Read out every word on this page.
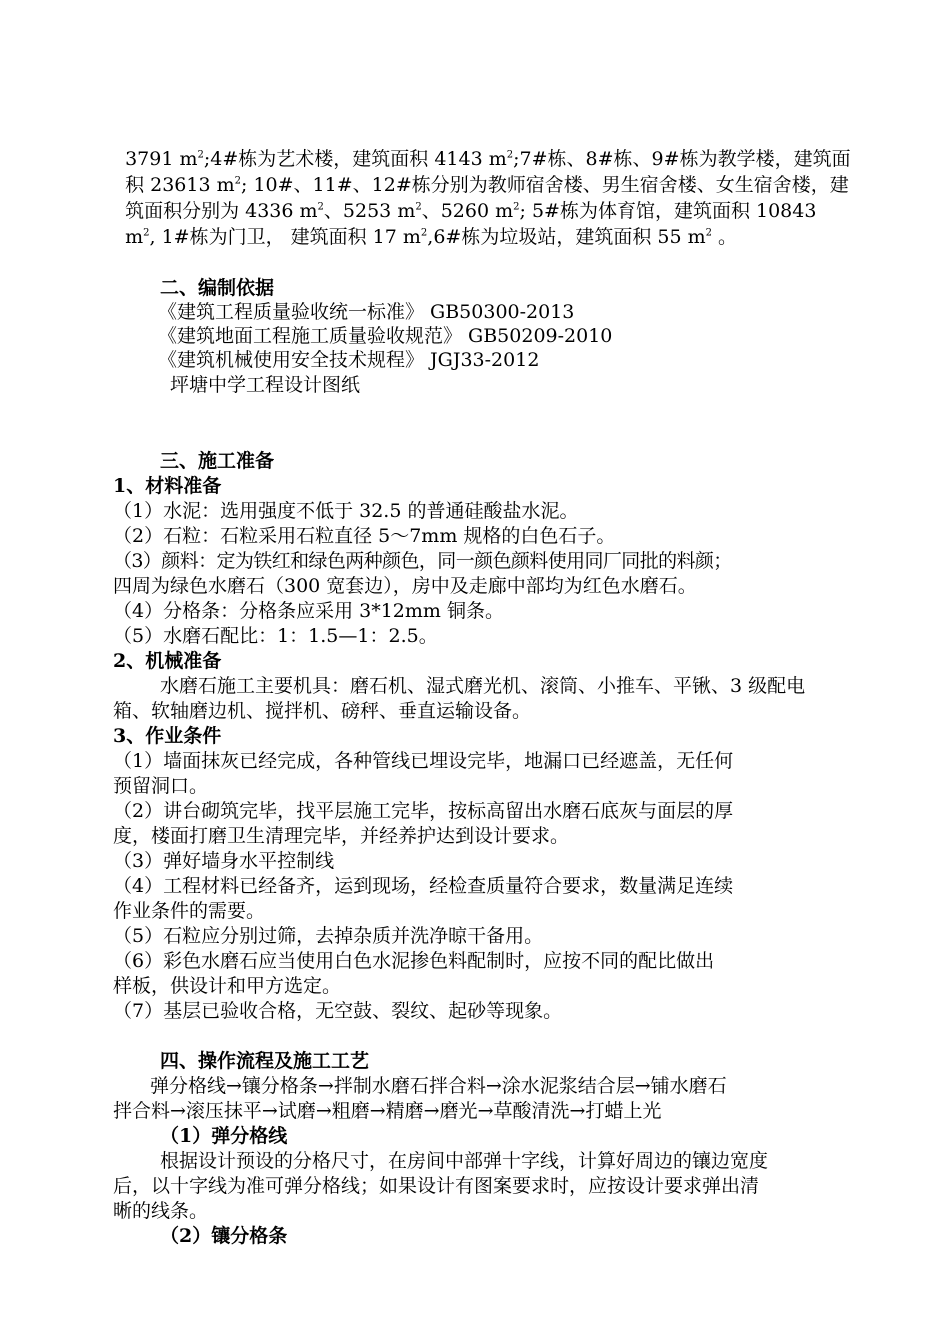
3791 $m^2;4\#$栋为艺术楼，建筑面积 4143 $m^2;7\#$栋、8#栋、9#栋为教学楼，建筑面

积 23613 $m^2$; 10#、11#、12#栋分别为教师宿舍楼、男生宿舍楼、女生宿舍楼，建

筑面积分别为 4336 $m^2$、5253 $m^2$、5260 $m^2$; 5#栋为体育馆，建筑面积 10843

$m^2$, 1#栋为门卫， 建筑面积 17 $m^2,6\#$栋为垃圾站，建筑面积 55 $m^2$ 。

二、编制依据
《建筑工程质量验收统一标准》 GB50300-2013
《建筑地面工程施工质量验收规范》 GB50209-2010
《建筑机械使用安全技术规程》 JGJ33-2012
坪塘中学工程设计图纸
三、施工准备
1、材料准备
（1）水泥：选用强度不低于 32.5 的普通硅酸盐水泥。
（2）石粒：石粒采用石粒直径 5～7mm 规格的白色石子。
（3）颜料：定为铁红和绿色两种颜色，同一颜色颜料使用同厂同批的料颜；
四周为绿色水磨石（300 宽套边），房中及走廊中部均为红色水磨石。
（4）分格条：分格条应采用 3*12mm 铜条。
（5）水磨石配比：1：1.5—1：2.5。
2、机械准备
水磨石施工主要机具：磨石机、湿式磨光机、滚筒、小推车、平锹、3 级配电
箱、软轴磨边机、搅拌机、磅秤、垂直运输设备。
3、作业条件
（1）墙面抹灰已经完成，各种管线已埋设完毕，地漏口已经遮盖，无任何
预留洞口。
（2）讲台砌筑完毕，找平层施工完毕，按标高留出水磨石底灰与面层的厚
度，楼面打磨卫生清理完毕，并经养护达到设计要求。
（3）弹好墙身水平控制线
（4）工程材料已经备齐，运到现场，经检查质量符合要求，数量满足连续
作业条件的需要。
（5）石粒应分别过筛，去掉杂质并洗净晾干备用。
（6）彩色水磨石应当使用白色水泥掺色料配制时，应按不同的配比做出
样板，供设计和甲方选定。
（7）基层已验收合格，无空鼓、裂纹、起砂等现象。
四、操作流程及施工工艺
弹分格线→镶分格条→拌制水磨石拌合料→涂水泥浆结合层→铺水磨石
拌合料→滚压抹平→试磨→粗磨→精磨→磨光→草酸清洗→打蜡上光
（1）弹分格线
根据设计预设的分格尺寸，在房间中部弹十字线，计算好周边的镶边宽度
后，以十字线为准可弹分格线；如果设计有图案要求时，应按设计要求弹出清
晰的线条。
（2）镶分格条
